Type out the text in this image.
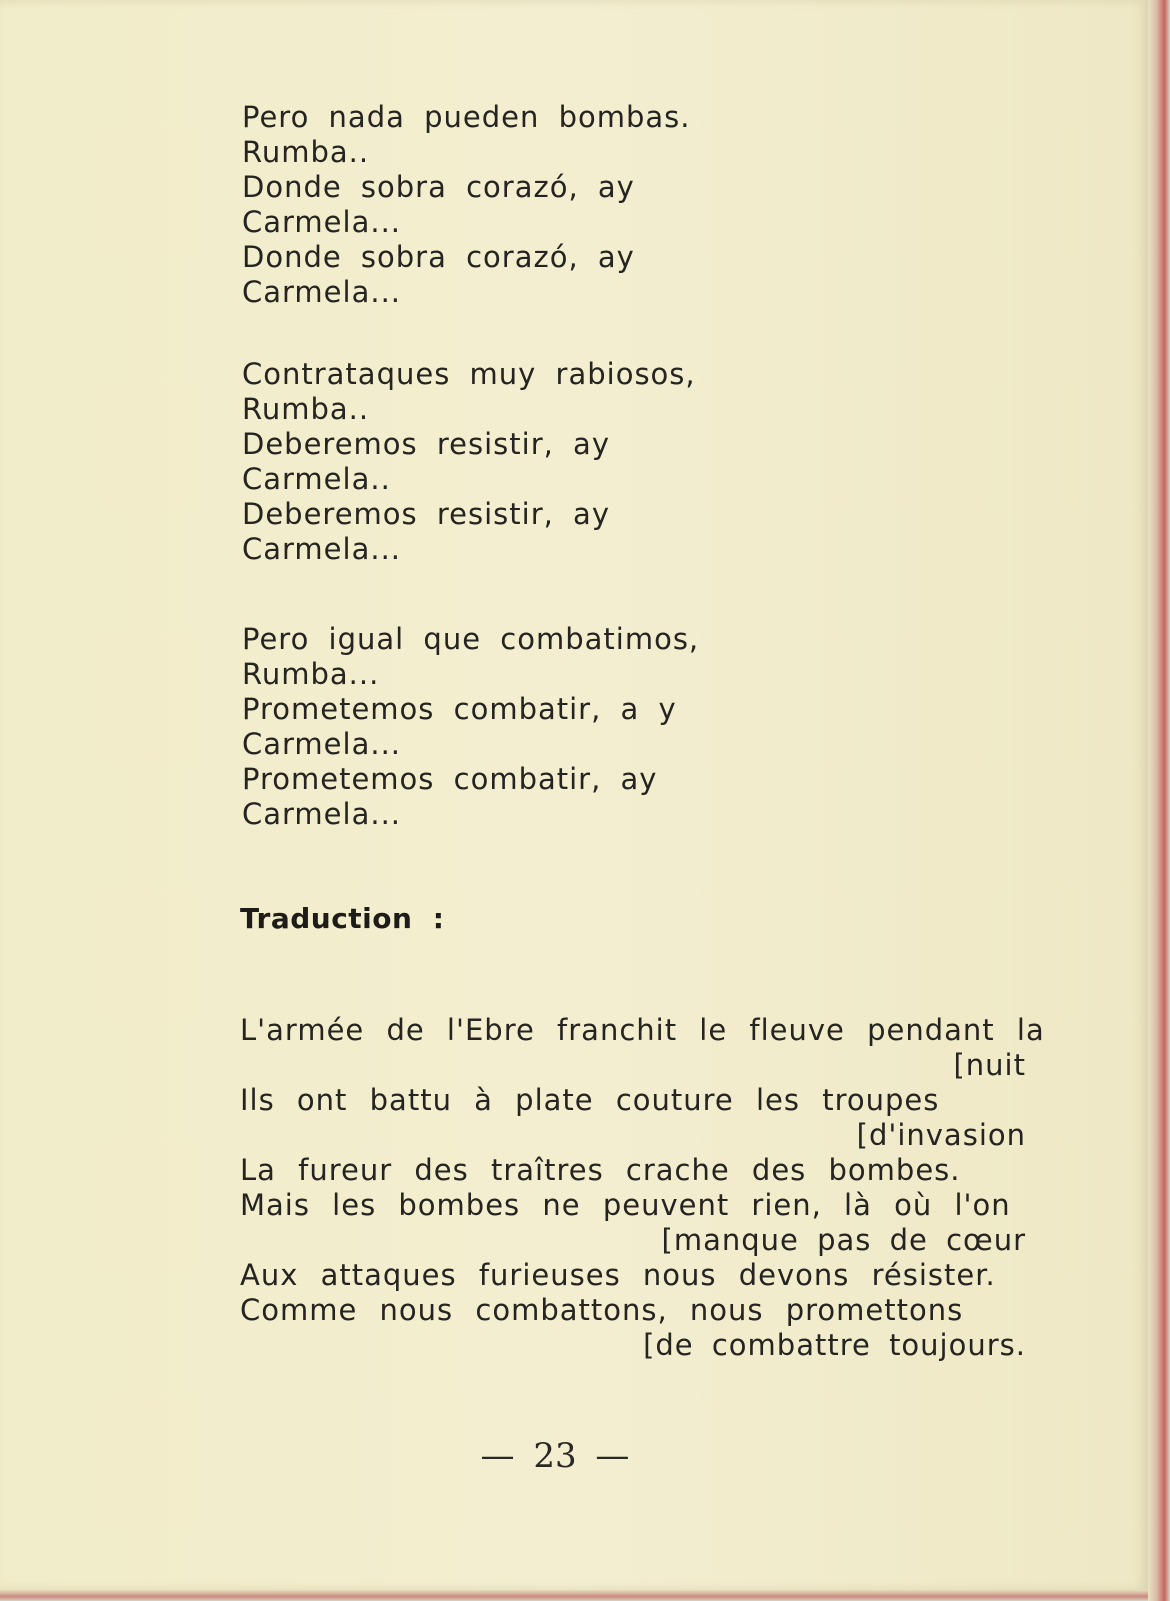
Pero nada pueden bombas.
Rumba..
Donde sobra corazó, ay
Carmela...
Donde sobra corazó, ay
Carmela...
Contrataques muy rabiosos,
Rumba..
Deberemos resistir, ay
Carmela..
Deberemos resistir, ay
Carmela...
Pero igual que combatimos,
Rumba...
Prometemos combatir, a y
Carmela...
Prometemos combatir, ay
Carmela...
Traduction :
L'armée de l'Ebre franchit le fleuve pendant la
[nuit
Ils ont battu à plate couture les troupes
[d'invasion
La fureur des traîtres crache des bombes.
Mais les bombes ne peuvent rien, là où l'on
[manque pas de cœur
Aux attaques furieuses nous devons résister.
Comme nous combattons, nous promettons
[de combattre toujours.
— 23 —
